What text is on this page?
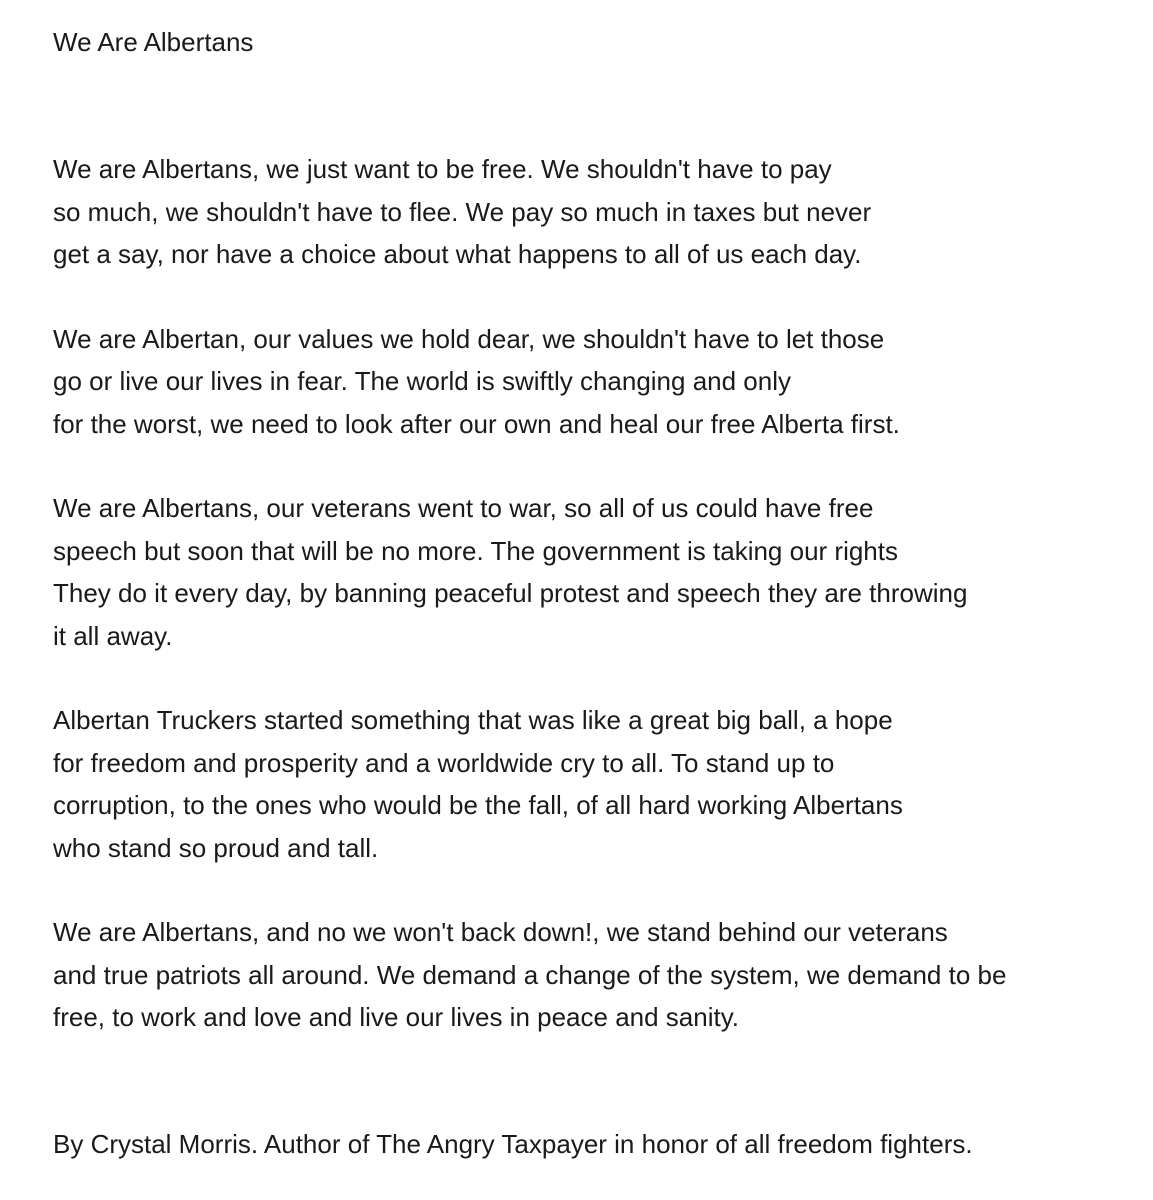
We Are Albertans

We are Albertans, we just want to be free. We shouldn't have to pay
so much, we shouldn't have to flee. We pay so much in taxes but never
get a say, nor have a choice about what happens to all of us each day.

We are Albertan, our values we hold dear, we shouldn't have to let those
go or live our lives in fear. The world is swiftly changing and only
for the worst, we need to look after our own and heal our free Alberta first.

We are Albertans, our veterans went to war, so all of us could have free
speech but soon that will be no more. The government is taking our rights
They do it every day, by banning peaceful protest and speech they are throwing
it all away.

Albertan Truckers started something that was like a great big ball, a hope
for freedom and prosperity and a worldwide cry to all. To stand up to
corruption, to the ones who would be the fall, of all hard working Albertans
who stand so proud and tall.

We are Albertans, and no we won't back down!, we stand behind our veterans
and true patriots all around. We demand a change of the system, we demand to be
free, to work and love and live our lives in peace and sanity.

By Crystal Morris. Author of The Angry Taxpayer in honor of all freedom fighters.
